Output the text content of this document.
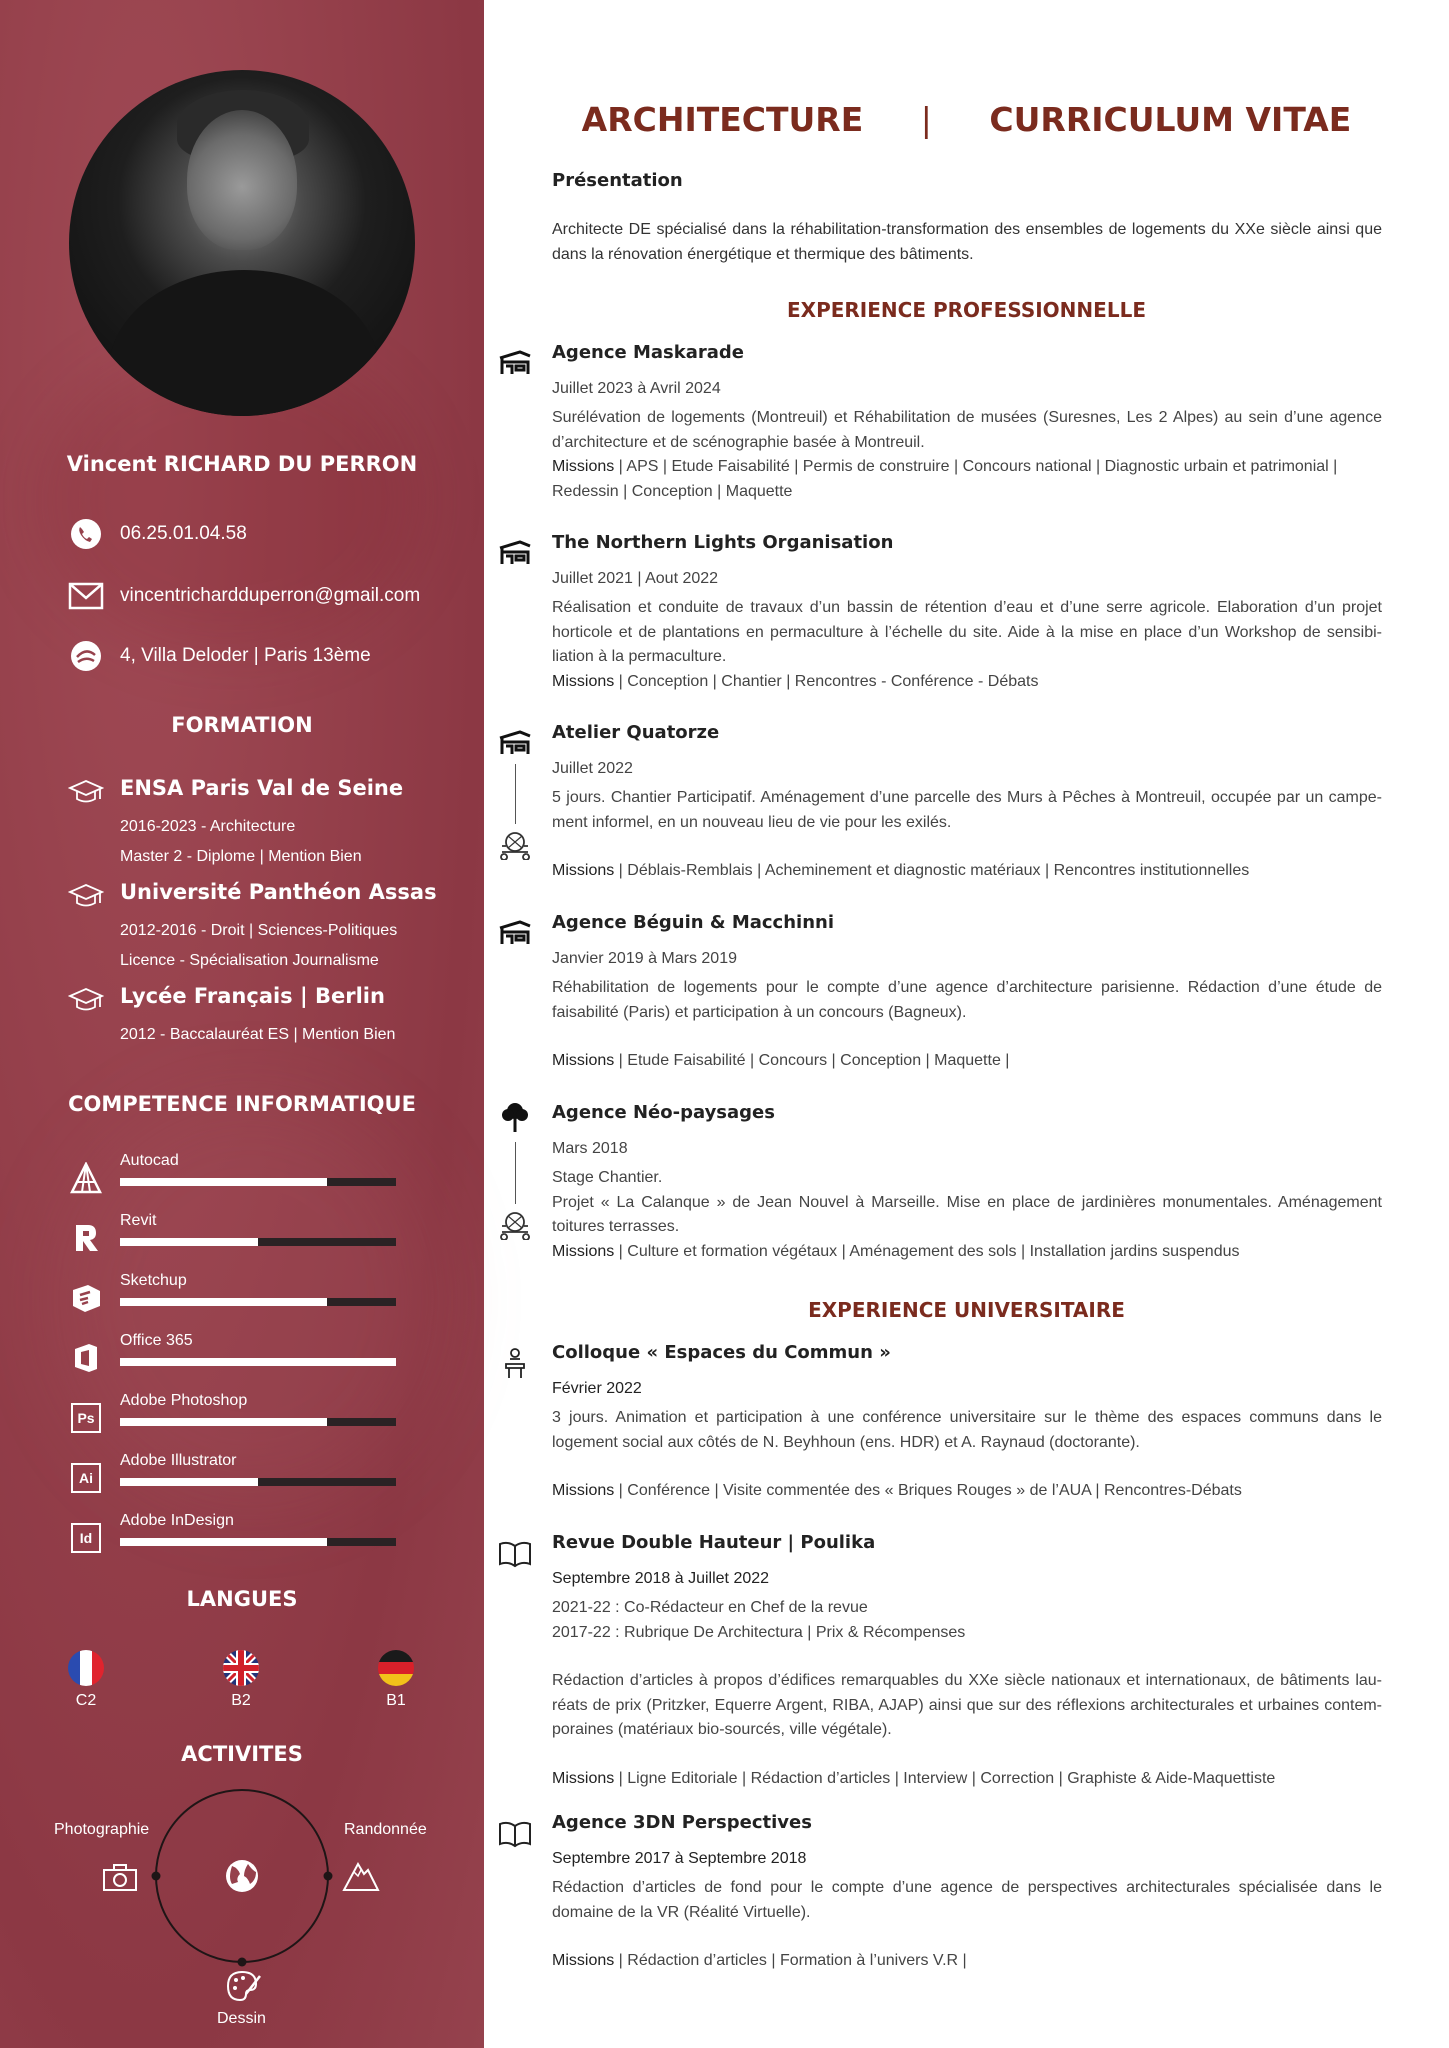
Vincent RICHARD DU PERRON
06.25.01.04.58
vincentrichardduperron@gmail.com
4, Villa Deloder | Paris 13ème
FORMATION
ENSA Paris Val de Seine
2016-2023 - Architecture
Master 2 - Diplome | Mention Bien
Université Panthéon Assas
2012-2016 - Droit | Sciences-Politiques
Licence - Spécialisation Journalisme
Lycée Français | Berlin
2012 - Baccalauréat ES | Mention Bien
COMPETENCE INFORMATIQUE
Autocad
Revit
Sketchup
Office 365
Ps
Adobe Photoshop
Ai
Adobe Illustrator
Id
Adobe InDesign
LANGUES
C2	B2	B1
ACTIVITES
Photographie	Randonnée
Dessin
ARCHITECTURE | CURRICULUM VITAE
Présentation
Architecte DE spécialisé dans la réhabilitation-transformation des ensembles de logements du XXe siècle ainsi que dans la rénovation énergétique et thermique des bâtiments.
EXPERIENCE PROFESSIONNELLE
Agence Maskarade
Juillet 2023 à Avril 2024
Surélévation de logements (Montreuil) et Réhabilitation de musées (Suresnes, Les 2 Alpes) au sein d’une agence d’architecture et de scénographie basée à Montreuil.
Missions | APS | Etude Faisabilité | Permis de construire | Concours national | Diagnostic urbain et patrimonial | Redessin | Conception | Maquette
The Northern Lights Organisation
Juillet 2021 | Aout 2022
Réalisation et conduite de travaux d’un bassin de rétention d’eau et d’une serre agricole. Elaboration d’un projet horticole et de plantations en permaculture à l’échelle du site. Aide à la mise en place d’un Workshop de sensibi-liation à la permaculture.
Missions | Conception | Chantier | Rencontres - Conférence - Débats
Atelier Quatorze
Juillet 2022
5 jours. Chantier Participatif. Aménagement d’une parcelle des Murs à Pêches à Montreuil, occupée par un campe-ment informel, en un nouveau lieu de vie pour les exilés.
Missions | Déblais-Remblais | Acheminement et diagnostic matériaux | Rencontres institutionnelles
Agence Béguin & Macchinni
Janvier 2019 à Mars 2019
Réhabilitation de logements pour le compte d’une agence d’architecture parisienne. Rédaction d’une étude de faisabilité (Paris) et participation à un concours (Bagneux).
Missions | Etude Faisabilité | Concours | Conception | Maquette |
Agence Néo-paysages
Mars 2018
Stage Chantier.
Projet « La Calanque » de Jean Nouvel à Marseille. Mise en place de jardinières monumentales. Aménagement toitures terrasses.
Missions | Culture et formation végétaux | Aménagement des sols | Installation jardins suspendus
EXPERIENCE UNIVERSITAIRE
Colloque « Espaces du Commun »
Février 2022
3 jours. Animation et participation à une conférence universitaire sur le thème des espaces communs dans le logement social aux côtés de N. Beyhhoun (ens. HDR) et A. Raynaud (doctorante).
Missions | Conférence | Visite commentée des « Briques Rouges » de l’AUA | Rencontres-Débats
Revue Double Hauteur | Poulika
Septembre 2018 à Juillet 2022
2021-22 : Co-Rédacteur en Chef de la revue
2017-22 : Rubrique De Architectura | Prix & Récompenses
Rédaction d’articles à propos d’édifices remarquables du XXe siècle nationaux et internationaux, de bâtiments lau-réats de prix (Pritzker, Equerre Argent, RIBA, AJAP) ainsi que sur des réflexions architecturales et urbaines contem-poraines (matériaux bio-sourcés, ville végétale).
Missions | Ligne Editoriale | Rédaction d’articles | Interview | Correction | Graphiste & Aide-Maquettiste
Agence 3DN Perspectives
Septembre 2017 à Septembre 2018
Rédaction d’articles de fond pour le compte d’une agence de perspectives architecturales spécialisée dans le domaine de la VR (Réalité Virtuelle).
Missions | Rédaction d’articles | Formation à l’univers V.R |
